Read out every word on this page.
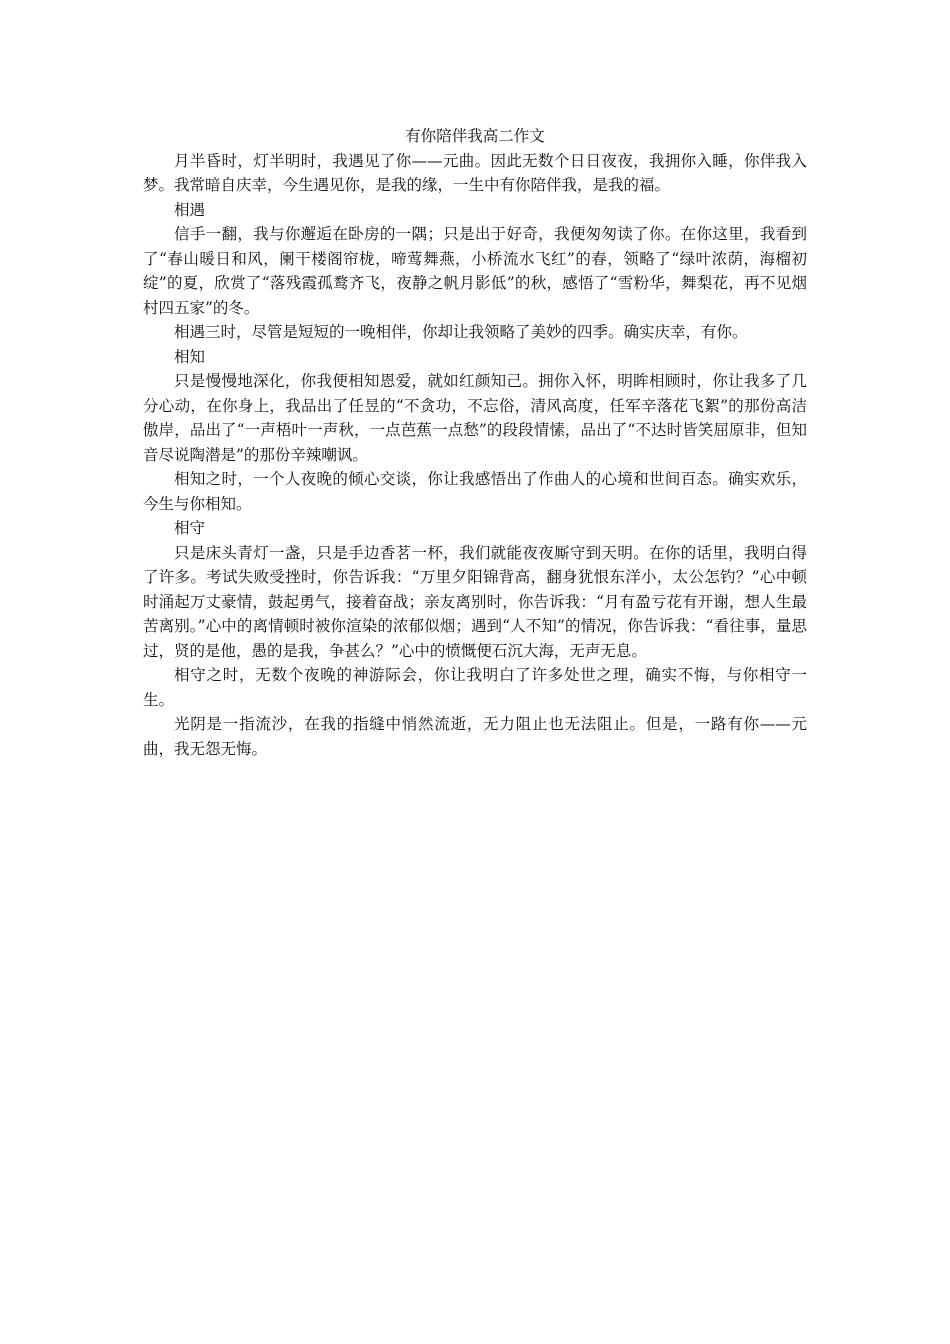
有你陪伴我高二作文

月半昏时，灯半明时，我遇见了你——元曲。因此无数个日日夜夜，我拥你入睡，你伴我入梦。我常暗自庆幸，今生遇见你，是我的缘，一生中有你陪伴我，是我的福。

相遇

信手一翻，我与你邂逅在卧房的一隅；只是出于好奇，我便匆匆读了你。在你这里，我看到了“春山暖日和风，阑干楼阁帘栊，啼莺舞燕，小桥流水飞红”的春，领略了“绿叶浓荫，海榴初绽”的夏，欣赏了“落残霞孤鹜齐飞，夜静之帆月影低”的秋，感悟了“雪粉华，舞梨花，再不见烟村四五家”的冬。

相遇三时，尽管是短短的一晚相伴，你却让我领略了美妙的四季。确实庆幸，有你。

相知

只是慢慢地深化，你我便相知恩爱，就如红颜知己。拥你入怀，明眸相顾时，你让我多了几分心动，在你身上，我品出了任昱的“不贪功，不忘俗，清风高度，任军辛落花飞絮”的那份高洁傲岸，品出了“一声梧叶一声秋，一点芭蕉一点愁”的段段情愫，品出了“不达时皆笑屈原非，但知音尽说陶潜是”的那份辛辣嘲讽。

相知之时，一个人夜晚的倾心交谈，你让我感悟出了作曲人的心境和世间百态。确实欢乐，今生与你相知。

相守

只是床头青灯一盏，只是手边香茗一杯，我们就能夜夜厮守到天明。在你的话里，我明白得了许多。考试失败受挫时，你告诉我：“万里夕阳锦背高，翻身犹恨东洋小，太公怎钓？”心中顿时涌起万丈豪情，鼓起勇气，接着奋战；亲友离别时，你告诉我：“月有盈亏花有开谢，想人生最苦离别。”心中的离情顿时被你渲染的浓郁似烟；遇到“人不知”的情况，你告诉我：“看往事，量思过，贤的是他，愚的是我，争甚么？”心中的愤慨便石沉大海，无声无息。

相守之时，无数个夜晚的神游际会，你让我明白了许多处世之理，确实不悔，与你相守一生。

光阴是一指流沙，在我的指缝中悄然流逝，无力阻止也无法阻止。但是，一路有你——元曲，我无怨无悔。
